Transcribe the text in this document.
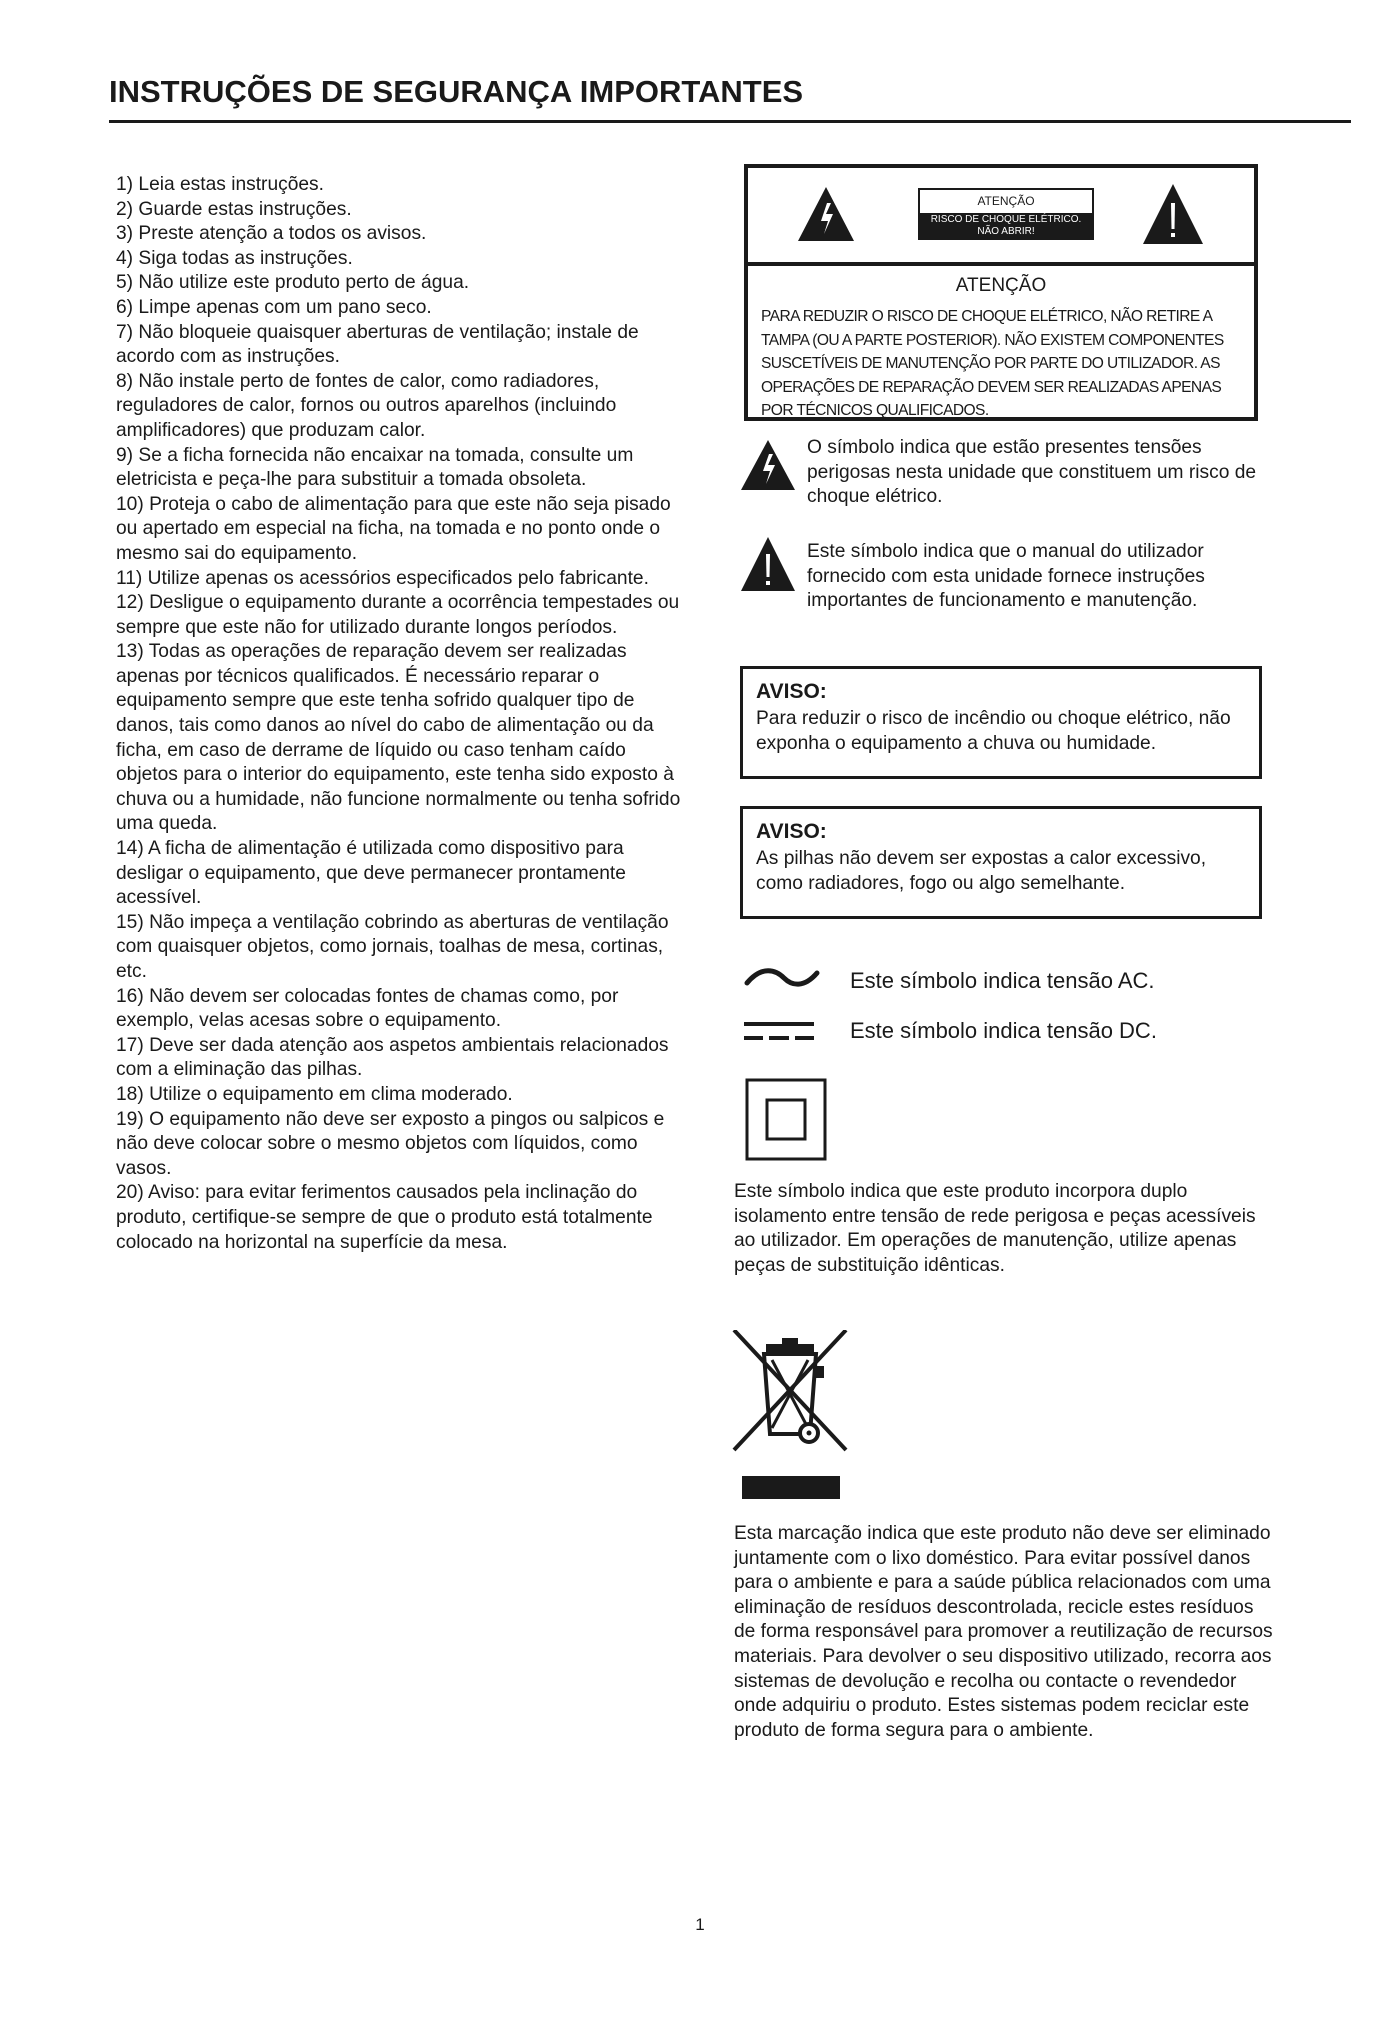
INSTRUÇÕES DE SEGURANÇA IMPORTANTES
1) Leia estas instruções.
2) Guarde estas instruções.
3) Preste atenção a todos os avisos.
4) Siga todas as instruções.
5) Não utilize este produto perto de água.
6) Limpe apenas com um pano seco.
7) Não bloqueie quaisquer aberturas de ventilação; instale de acordo com as instruções.
8) Não instale perto de fontes de calor, como radiadores, reguladores de calor, fornos ou outros aparelhos (incluindo amplificadores) que produzam calor.
9) Se a ficha fornecida não encaixar na tomada, consulte um eletricista e peça-lhe para substituir a tomada obsoleta.
10) Proteja o cabo de alimentação para que este não seja pisado ou apertado em especial na ficha, na tomada e no ponto onde o mesmo sai do equipamento.
11) Utilize apenas os acessórios especificados pelo fabricante.
12) Desligue o equipamento durante a ocorrência tempestades ou sempre que este não for utilizado durante longos períodos.
13) Todas as operações de reparação devem ser realizadas apenas por técnicos qualificados. É necessário reparar o equipamento sempre que este tenha sofrido qualquer tipo de danos, tais como danos ao nível do cabo de alimentação ou da ficha, em caso de derrame de líquido ou caso tenham caído objetos para o interior do equipamento, este tenha sido exposto à chuva ou a humidade, não funcione normalmente ou tenha sofrido uma queda.
14) A ficha de alimentação é utilizada como dispositivo para desligar o equipamento, que deve permanecer prontamente acessível.
15) Não impeça a ventilação cobrindo as aberturas de ventilação com quaisquer objetos, como jornais, toalhas de mesa, cortinas, etc.
16) Não devem ser colocadas fontes de chamas como, por exemplo, velas acesas sobre o equipamento.
17) Deve ser dada atenção aos aspetos ambientais relacionados com a eliminação das pilhas.
18) Utilize o equipamento em clima moderado.
19) O equipamento não deve ser exposto a pingos ou salpicos e não deve colocar sobre o mesmo objetos com líquidos, como vasos.
20) Aviso: para evitar ferimentos causados pela inclinação do produto, certifique-se sempre de que o produto está totalmente colocado na horizontal na superfície da mesa.
ATENÇÃO
RISCO DE CHOQUE ELÉTRICO. NÃO ABRIR!
ATENÇÃO
PARA REDUZIR O RISCO DE CHOQUE ELÉTRICO, NÃO RETIRE A TAMPA (OU A PARTE POSTERIOR). NÃO EXISTEM COMPONENTES SUSCETÍVEIS DE MANUTENÇÃO POR PARTE DO UTILIZADOR. AS OPERAÇÕES DE REPARAÇÃO DEVEM SER REALIZADAS APENAS POR TÉCNICOS QUALIFICADOS.

O símbolo indica que estão presentes tensões perigosas nesta unidade que constituem um risco de choque elétrico.

Este símbolo indica que o manual do utilizador fornecido com esta unidade fornece instruções importantes de funcionamento e manutenção.

AVISO:

Para reduzir o risco de incêndio ou choque elétrico, não exponha o equipamento a chuva ou humidade.

AVISO:

As pilhas não devem ser expostas a calor excessivo, como radiadores, fogo ou algo semelhante.

Este símbolo indica tensão AC.

Este símbolo indica tensão DC.

Este símbolo indica que este produto incorpora duplo isolamento entre tensão de rede perigosa e peças acessíveis ao utilizador. Em operações de manutenção, utilize apenas peças de substituição idênticas.

Esta marcação indica que este produto não deve ser eliminado juntamente com o lixo doméstico. Para evitar possível danos para o ambiente e para a saúde pública relacionados com uma eliminação de resíduos descontrolada, recicle estes resíduos de forma responsável para promover a reutilização de recursos materiais. Para devolver o seu dispositivo utilizado, recorra aos sistemas de devolução e recolha ou contacte o revendedor onde adquiriu o produto. Estes sistemas podem reciclar este produto de forma segura para o ambiente.

1
